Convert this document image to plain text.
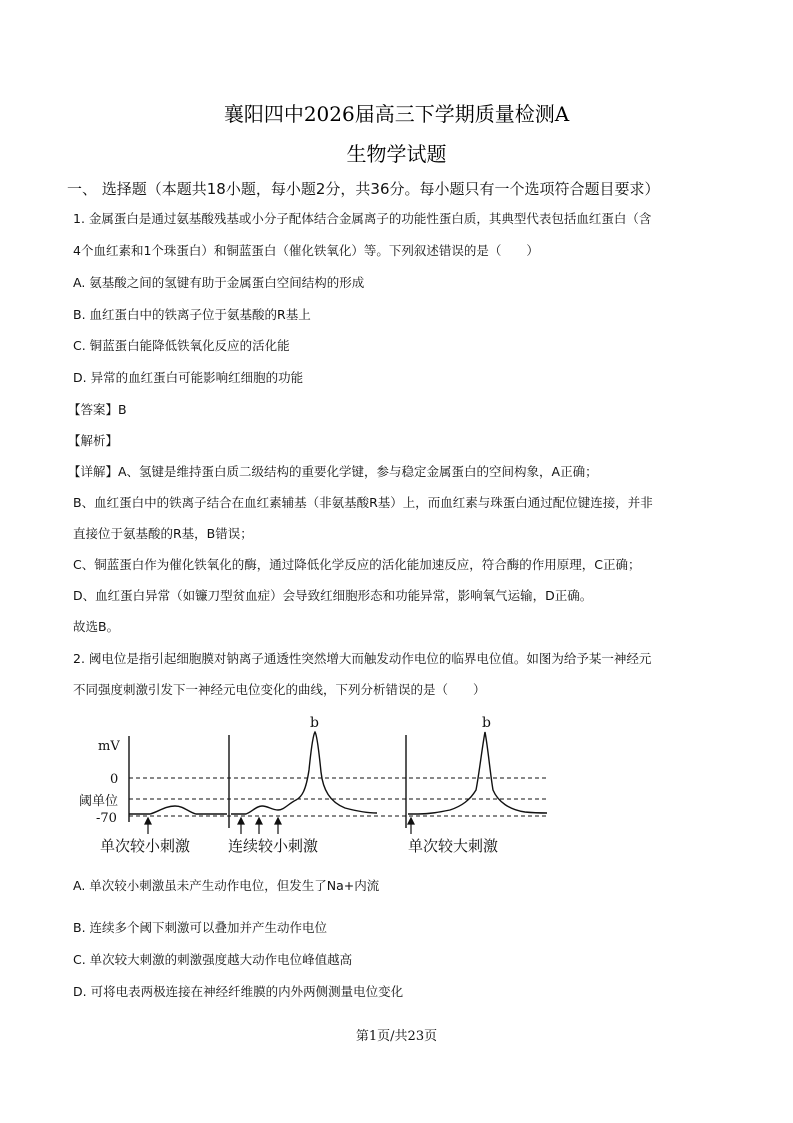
襄阳四中2026届高三下学期质量检测A
生物学试题
一、 选择题（本题共18小题，每小题2分，共36分。每小题只有一个选项符合题目要求）
1. 金属蛋白是通过氨基酸残基或小分子配体结合金属离子的功能性蛋白质，其典型代表包括血红蛋白（含
4个血红素和1个珠蛋白）和铜蓝蛋白（催化铁氧化）等。下列叙述错误的是（　　）
A. 氨基酸之间的氢键有助于金属蛋白空间结构的形成
B. 血红蛋白中的铁离子位于氨基酸的R基上
C. 铜蓝蛋白能降低铁氧化反应的活化能
D. 异常的血红蛋白可能影响红细胞的功能
【答案】B
【解析】
【详解】A、氢键是维持蛋白质二级结构的重要化学键，参与稳定金属蛋白的空间构象，A正确；
B、血红蛋白中的铁离子结合在血红素辅基（非氨基酸R基）上，而血红素与珠蛋白通过配位键连接，并非
直接位于氨基酸的R基，B错误；
C、铜蓝蛋白作为催化铁氧化的酶，通过降低化学反应的活化能加速反应，符合酶的作用原理，C正确；
D、血红蛋白异常（如镰刀型贫血症）会导致红细胞形态和功能异常，影响氧气运输，D正确。
故选B。
2. 阈电位是指引起细胞膜对钠离子通透性突然增大而触发动作电位的临界电位值。如图为给予某一神经元
不同强度刺激引发下一神经元电位变化的曲线，下列分析错误的是（　　）
mV
0
阈单位
-70
b	b
单次较小刺激	连续较小刺激	单次较大刺激
A. 单次较小刺激虽未产生动作电位，但发生了Na+内流
B. 连续多个阈下刺激可以叠加并产生动作电位
C. 单次较大刺激的刺激强度越大动作电位峰值越高
D. 可将电表两极连接在神经纤维膜的内外两侧测量电位变化
第1页/共23页
